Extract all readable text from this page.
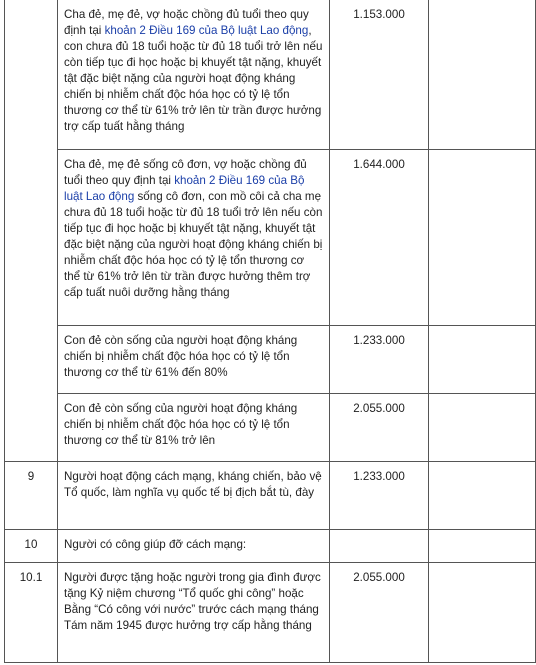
	Cha đẻ, mẹ đẻ, vợ hoặc chồng đủ tuổi theo quy định tại khoản 2 Điều 169 của Bộ luật Lao động, con chưa đủ 18 tuổi hoặc từ đủ 18 tuổi trở lên nếu còn tiếp tục đi học hoặc bị khuyết tật nặng, khuyết tật đặc biệt nặng của người hoạt động kháng chiến bị nhiễm chất độc hóa học có tỷ lệ tổn thương cơ thể từ 61% trở lên từ trần được hưởng trợ cấp tuất hằng tháng	1.153.000	
	Cha đẻ, mẹ đẻ sống cô đơn, vợ hoặc chồng đủ tuổi theo quy định tại khoản 2 Điều 169 của Bộ luật Lao động sống cô đơn, con mồ côi cả cha mẹ chưa đủ 18 tuổi hoặc từ đủ 18 tuổi trở lên nếu còn tiếp tục đi học hoặc bị khuyết tật nặng, khuyết tật đặc biệt nặng của người hoạt động kháng chiến bị nhiễm chất độc hóa học có tỷ lệ tổn thương cơ thể từ 61% trở lên từ trần được hưởng thêm trợ cấp tuất nuôi dưỡng hằng tháng	1.644.000	
	Con đẻ còn sống của người hoạt động kháng chiến bị nhiễm chất độc hóa học có tỷ lệ tổn thương cơ thể từ 61% đến 80%	1.233.000	
	Con đẻ còn sống của người hoạt động kháng chiến bị nhiễm chất độc hóa học có tỷ lệ tổn thương cơ thể từ 81% trở lên	2.055.000	
9	Người hoạt động cách mạng, kháng chiến, bảo vệ Tổ quốc, làm nghĩa vụ quốc tế bị địch bắt tù, đày	1.233.000	
10	Người có công giúp đỡ cách mạng:		
10.1	Người được tặng hoặc người trong gia đình được tặng Kỷ niệm chương “Tổ quốc ghi công” hoặc Bằng “Có công với nước” trước cách mạng tháng Tám năm 1945 được hưởng trợ cấp hằng tháng	2.055.000	
